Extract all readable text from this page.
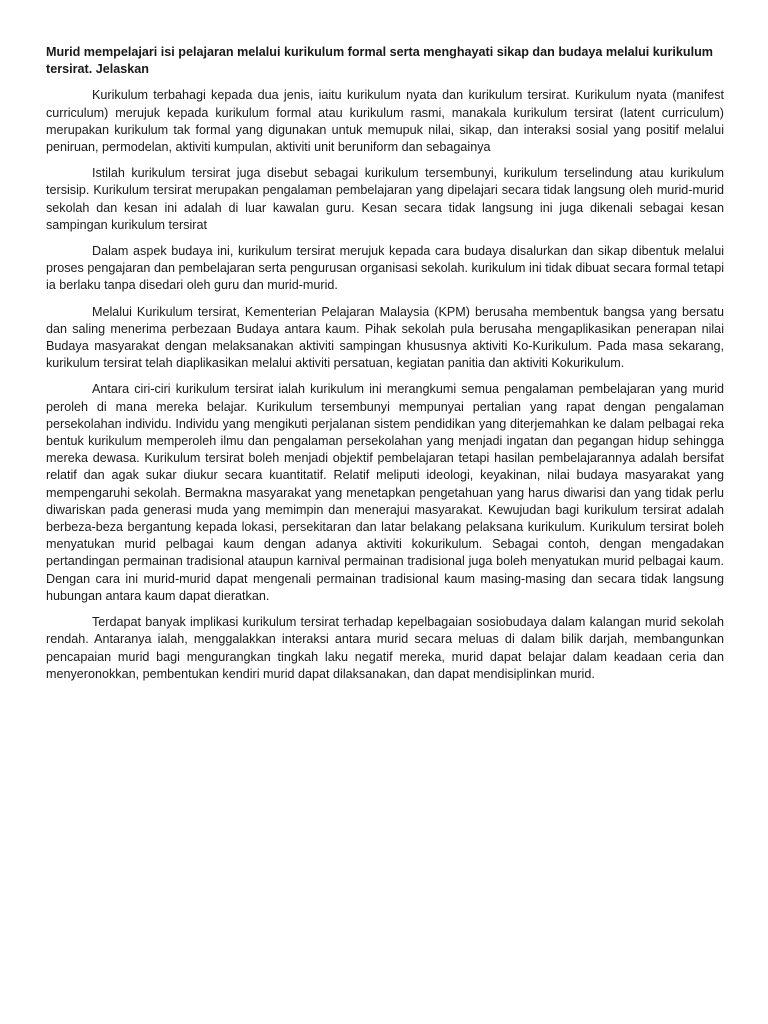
Murid mempelajari isi pelajaran melalui kurikulum formal serta menghayati sikap dan budaya melalui kurikulum tersirat. Jelaskan

Kurikulum terbahagi kepada dua jenis, iaitu kurikulum nyata dan kurikulum tersirat. Kurikulum nyata (manifest curriculum) merujuk kepada kurikulum formal atau kurikulum rasmi, manakala kurikulum tersirat (latent curriculum) merupakan kurikulum tak formal yang digunakan untuk memupuk nilai, sikap, dan interaksi sosial yang positif melalui peniruan, permodelan, aktiviti kumpulan, aktiviti unit beruniform dan sebagainya

Istilah kurikulum tersirat juga disebut sebagai kurikulum tersembunyi, kurikulum terselindung atau kurikulum tersisip. Kurikulum tersirat merupakan pengalaman pembelajaran yang dipelajari secara tidak langsung oleh murid-murid sekolah dan kesan ini adalah di luar kawalan guru. Kesan secara tidak langsung ini juga dikenali sebagai kesan sampingan kurikulum tersirat

Dalam aspek budaya ini, kurikulum tersirat merujuk kepada cara budaya disalurkan dan sikap dibentuk melalui proses pengajaran dan pembelajaran serta pengurusan organisasi sekolah. kurikulum ini tidak dibuat secara formal tetapi ia berlaku tanpa disedari oleh guru dan murid-murid.

Melalui Kurikulum tersirat, Kementerian Pelajaran Malaysia (KPM) berusaha membentuk bangsa yang bersatu dan saling menerima perbezaan Budaya antara kaum. Pihak sekolah pula berusaha mengaplikasikan penerapan nilai Budaya masyarakat dengan melaksanakan aktiviti sampingan khususnya aktiviti Ko-Kurikulum. Pada masa sekarang, kurikulum tersirat telah diaplikasikan melalui aktiviti persatuan, kegiatan panitia dan aktiviti Kokurikulum.

Antara ciri-ciri kurikulum tersirat ialah kurikulum ini merangkumi semua pengalaman pembelajaran yang murid peroleh di mana mereka belajar. Kurikulum tersembunyi mempunyai pertalian yang rapat dengan pengalaman persekolahan individu. Individu yang mengikuti perjalanan sistem pendidikan yang diterjemahkan ke dalam pelbagai reka bentuk kurikulum memperoleh ilmu dan pengalaman persekolahan yang menjadi ingatan dan pegangan hidup sehingga mereka dewasa. Kurikulum tersirat boleh menjadi objektif pembelajaran tetapi hasilan pembelajarannya adalah bersifat relatif dan agak sukar diukur secara kuantitatif. Relatif meliputi ideologi, keyakinan, nilai budaya masyarakat yang mempengaruhi sekolah. Bermakna masyarakat yang menetapkan pengetahuan yang harus diwarisi dan yang tidak perlu diwariskan pada generasi muda yang memimpin dan menerajui masyarakat. Kewujudan bagi kurikulum tersirat adalah berbeza-beza bergantung kepada lokasi, persekitaran dan latar belakang pelaksana kurikulum. Kurikulum tersirat boleh menyatukan murid pelbagai kaum dengan adanya aktiviti kokurikulum. Sebagai contoh, dengan mengadakan pertandingan permainan tradisional ataupun karnival permainan tradisional juga boleh menyatukan murid pelbagai kaum. Dengan cara ini murid-murid dapat mengenali permainan tradisional kaum masing-masing dan secara tidak langsung hubungan antara kaum dapat dieratkan.

Terdapat banyak implikasi kurikulum tersirat terhadap kepelbagaian sosiobudaya dalam kalangan murid sekolah rendah. Antaranya ialah, menggalakkan interaksi antara murid secara meluas di dalam bilik darjah, membangunkan pencapaian murid bagi mengurangkan tingkah laku negatif mereka, murid dapat belajar dalam keadaan ceria dan menyeronokkan, pembentukan kendiri murid dapat dilaksanakan, dan dapat mendisiplinkan murid.
